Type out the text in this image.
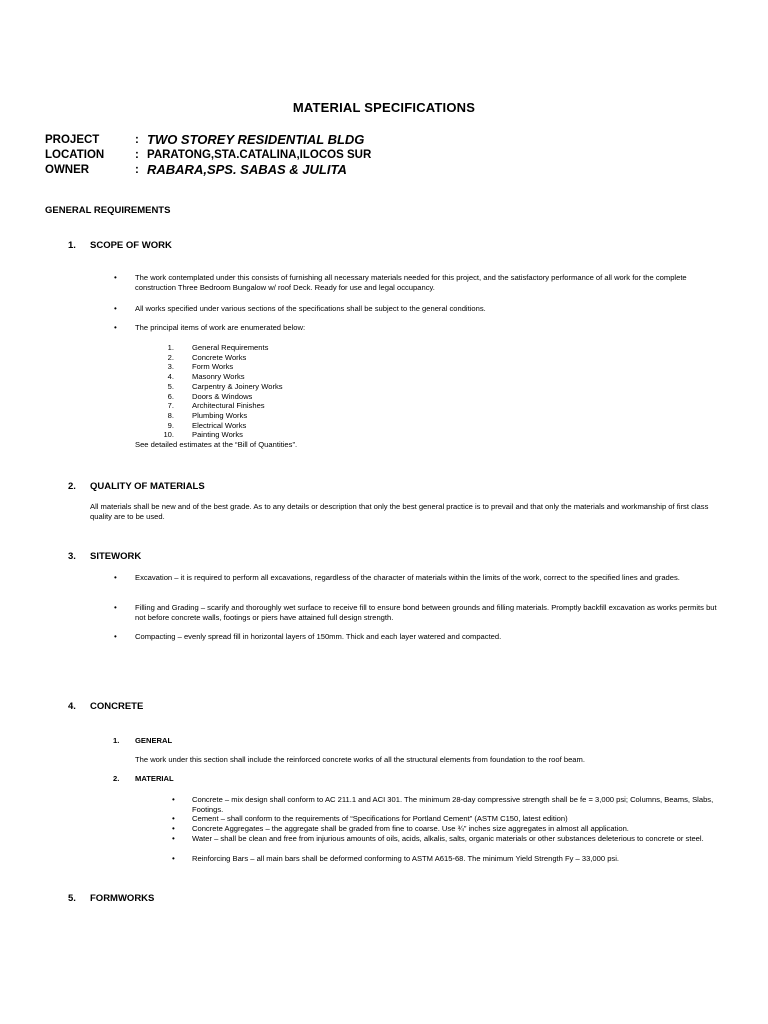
MATERIAL SPECIFICATIONS
PROJECT	: TWO STOREY RESIDENTIAL BLDG
LOCATION	: PARATONG,STA.CATALINA,ILOCOS SUR
OWNER	: RABARA,SPS. SABAS & JULITA
GENERAL REQUIREMENTS
1. SCOPE OF WORK
• The work contemplated under this consists of furnishing all necessary materials needed for this project, and the satisfactory performance of all work for the complete construction Three Bedroom Bungalow w/ roof Deck. Ready for use and legal occupancy.
• All works specified under various sections of the specifications shall be subject to the general conditions.
• The principal items of work are enumerated below:
1. General Requirements
2. Concrete Works
3. Form Works
4. Masonry Works
5. Carpentry & Joinery Works
6. Doors & Windows
7. Architectural Finishes
8. Plumbing Works
9. Electrical Works
10. Painting Works
See detailed estimates at the “Bill of Quantities”.
2. QUALITY OF MATERIALS
All materials shall be new and of the best grade. As to any details or description that only the best general practice is to prevail and that only the materials and workmanship of first class quality are to be used.
3. SITEWORK
• Excavation – it is required to perform all excavations, regardless of the character of materials within the limits of the work, correct to the specified lines and grades.
• Filling and Grading – scarify and thoroughly wet surface to receive fill to ensure bond between grounds and filling materials. Promptly backfill excavation as works permits but not before concrete walls, footings or piers have attained full design strength.
• Compacting – evenly spread fill in horizontal layers of 150mm. Thick and each layer watered and compacted.
4. CONCRETE
1. GENERAL
The work under this section shall include the reinforced concrete works of all the structural elements from foundation to the roof beam.
2. MATERIAL
• Concrete – mix design shall conform to AC 211.1 and ACI 301. The minimum 28-day compressive strength shall be fe = 3,000 psi; Columns, Beams, Slabs, Footings.
• Cement – shall conform to the requirements of “Specifications for Portland Cement” (ASTM C150, latest edition)
• Concrete Aggregates – the aggregate shall be graded from fine to coarse. Use ¾” inches size aggregates in almost all application.
• Water – shall be clean and free from injurious amounts of oils, acids, alkalis, salts, organic materials or other substances deleterious to concrete or steel.
• Reinforcing Bars – all main bars shall be deformed conforming to ASTM A615-68. The minimum Yield Strength Fy – 33,000 psi.
5. FORMWORKS
